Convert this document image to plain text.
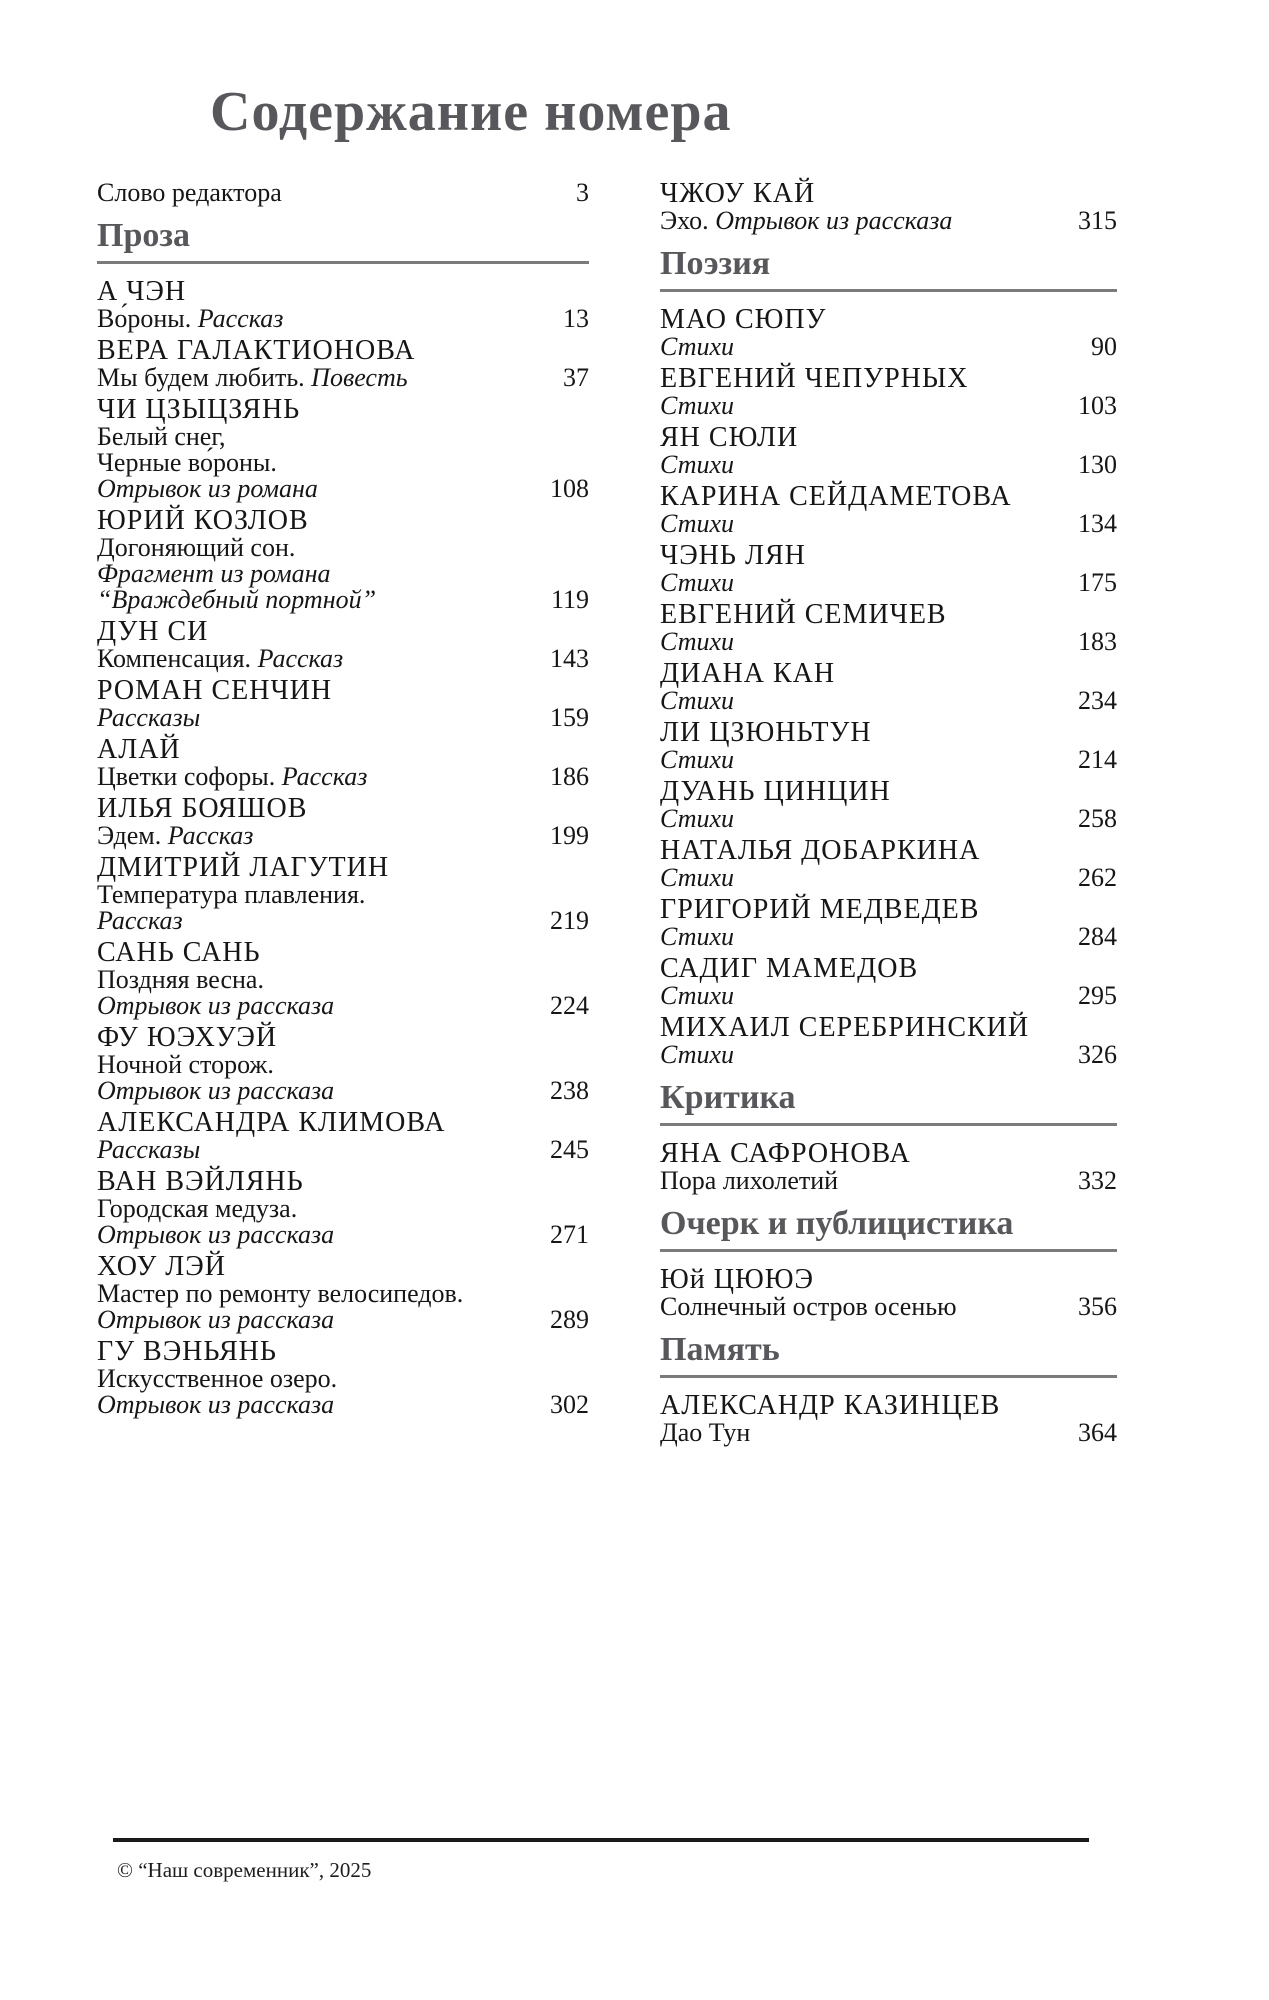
Содержание номера
Слово редактора	3
Проза
А ЧЭН
Во́роны. Рассказ	13
ВЕРА ГАЛАКТИОНОВА
Мы будем любить. Повесть	37
ЧИ ЦЗЫЦЗЯНЬ
Белый снег,
Черные во́роны.
Отрывок из романа	108
ЮРИЙ КОЗЛОВ
Догоняющий сон.
Фрагмент из романа
“Враждебный портной”	119
ДУН СИ
Компенсация. Рассказ	143
РОМАН СЕНЧИН
Рассказы	159
АЛАЙ
Цветки софоры. Рассказ	186
ИЛЬЯ БОЯШОВ
Эдем. Рассказ	199
ДМИТРИЙ ЛАГУТИН
Температура плавления.
Рассказ	219
САНЬ САНЬ
Поздняя весна.
Отрывок из рассказа	224
ФУ ЮЭХУЭЙ
Ночной сторож.
Отрывок из рассказа	238
АЛЕКСАНДРА КЛИМОВА
Рассказы	245
ВАН ВЭЙЛЯНЬ
Городская медуза.
Отрывок из рассказа	271
ХОУ ЛЭЙ
Мастер по ремонту велосипедов.
Отрывок из рассказа	289
ГУ ВЭНЬЯНЬ
Искусственное озеро.
Отрывок из рассказа	302
ЧЖОУ КАЙ
Эхо. Отрывок из рассказа	315
Поэзия
МАО СЮПУ
Стихи	90
ЕВГЕНИЙ ЧЕПУРНЫХ
Стихи	103
ЯН СЮЛИ
Стихи	130
КАРИНА СЕЙДАМЕТОВА
Стихи	134
ЧЭНЬ ЛЯН
Стихи	175
ЕВГЕНИЙ СЕМИЧЕВ
Стихи	183
ДИАНА КАН
Стихи	234
ЛИ ЦЗЮНЬТУН
Стихи	214
ДУАНЬ ЦИНЦИН
Стихи	258
НАТАЛЬЯ ДОБАРКИНА
Стихи	262
ГРИГОРИЙ МЕДВЕДЕВ
Стихи	284
САДИГ МАМЕДОВ
Стихи	295
МИХАИЛ СЕРЕБРИНСКИЙ
Стихи	326
Критика
ЯНА САФРОНОВА
Пора лихолетий	332
Очерк и публицистика
Юй ЦЮЮЭ
Солнечный остров осенью	356
Память
АЛЕКСАНДР КАЗИНЦЕВ
Дао Тун	364
© “Наш современник”, 2025
